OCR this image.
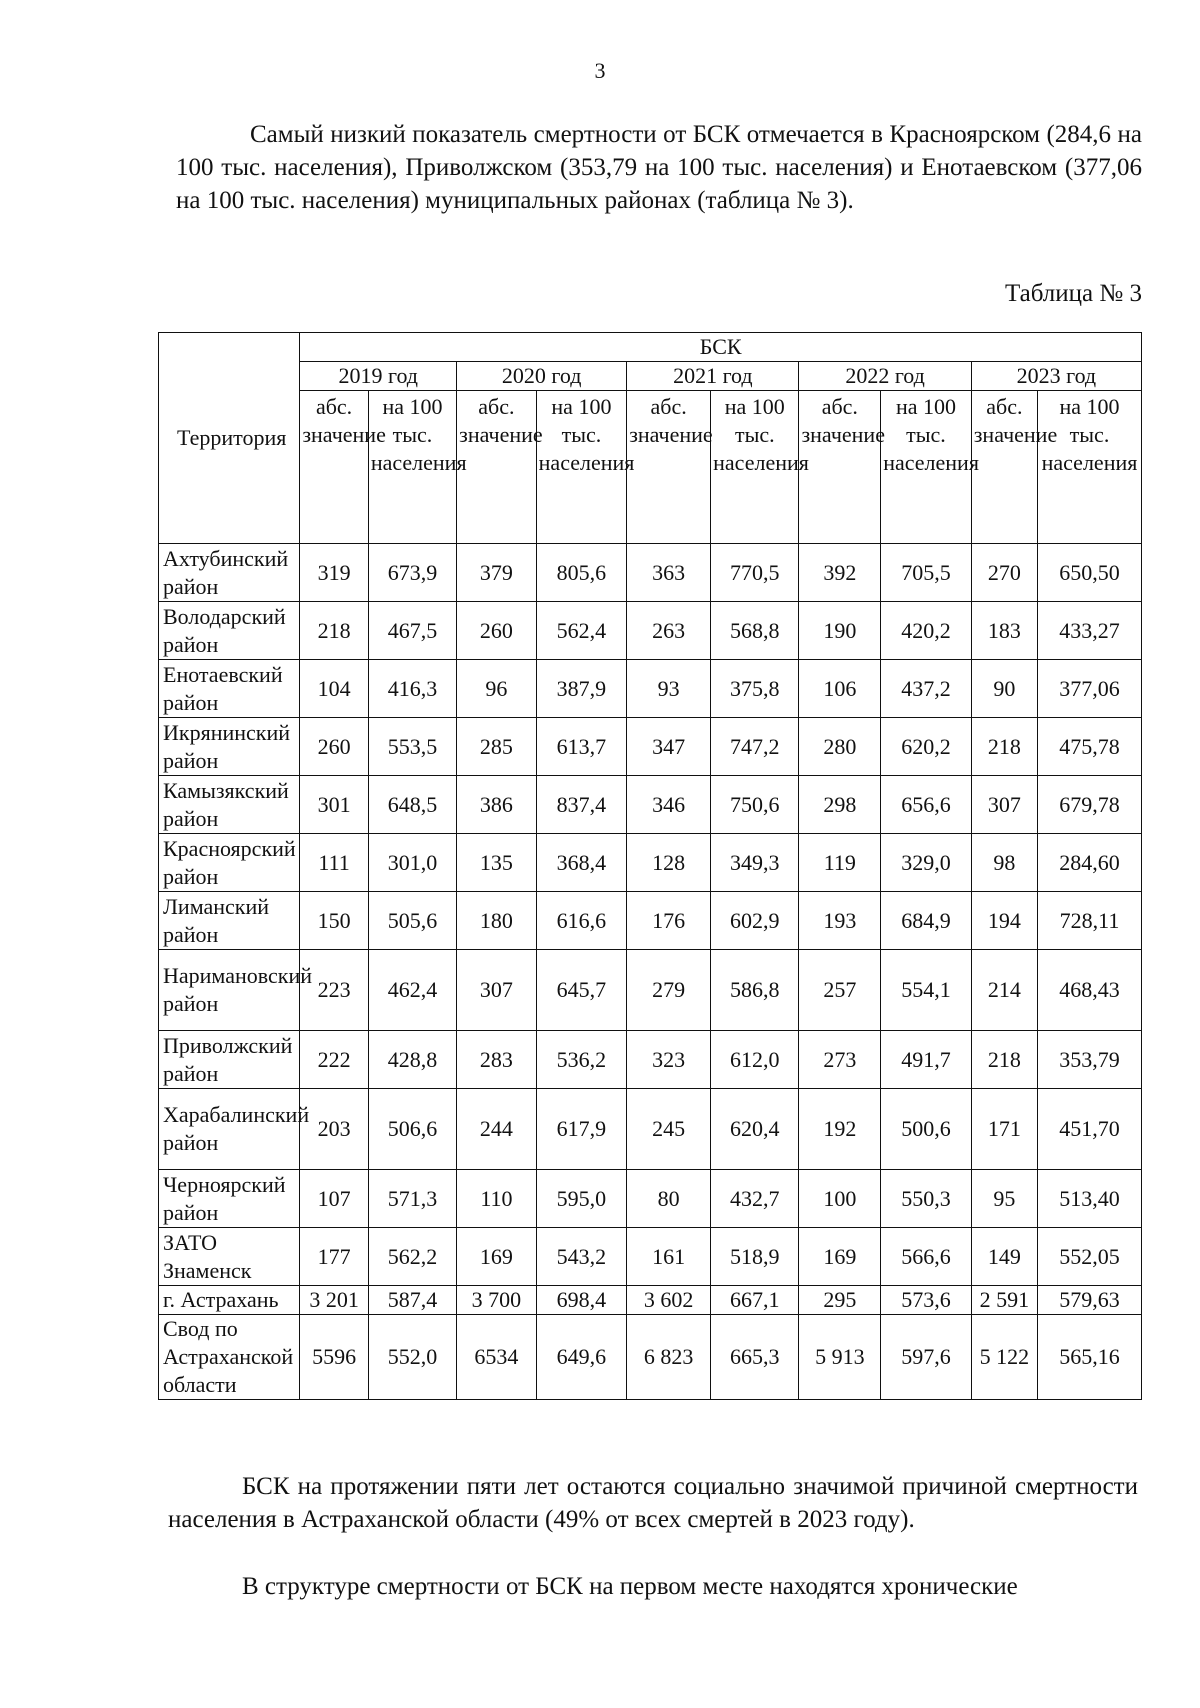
3

Самый низкий показатель смертности от БСК отмечается в Красноярском (284,6 на 100 тыс. населения), Приволжском (353,79 на 100 тыс. населения) и Енотаевском (377,06 на 100 тыс. населения) муниципальных районах (таблица № 3).

Таблица № 3
Территория	БСК									
	2019 год		2020 год		2021 год		2022 год		2023 год	
	абс. значение	на 100 тыс. населения	абс. значение	на 100 тыс. населения	абс. значение	на 100 тыс. населения	абс. значение	на 100 тыс. населения	абс. значение	на 100 тыс. населения
Ахтубинский район	319	673,9	379	805,6	363	770,5	392	705,5	270	650,50
Володарский район	218	467,5	260	562,4	263	568,8	190	420,2	183	433,27
Енотаевский район	104	416,3	96	387,9	93	375,8	106	437,2	90	377,06
Икрянинский район	260	553,5	285	613,7	347	747,2	280	620,2	218	475,78
Камызякский район	301	648,5	386	837,4	346	750,6	298	656,6	307	679,78
Красноярский район	111	301,0	135	368,4	128	349,3	119	329,0	98	284,60
Лиманский район	150	505,6	180	616,6	176	602,9	193	684,9	194	728,11
Наримановский район	223	462,4	307	645,7	279	586,8	257	554,1	214	468,43
Приволжский район	222	428,8	283	536,2	323	612,0	273	491,7	218	353,79
Харабалинский район	203	506,6	244	617,9	245	620,4	192	500,6	171	451,70
Черноярский район	107	571,3	110	595,0	80	432,7	100	550,3	95	513,40
ЗАТО Знаменск	177	562,2	169	543,2	161	518,9	169	566,6	149	552,05
г. Астрахань	3 201	587,4	3 700	698,4	3 602	667,1	295	573,6	2 591	579,63
Свод по Астраханской области	5596	552,0	6534	649,6	6 823	665,3	5 913	597,6	5 122	565,16

БСК на протяжении пяти лет остаются социально значимой причиной смертности населения в Астраханской области (49% от всех смертей в 2023 году).

В структуре смертности от БСК на первом месте находятся хронические
